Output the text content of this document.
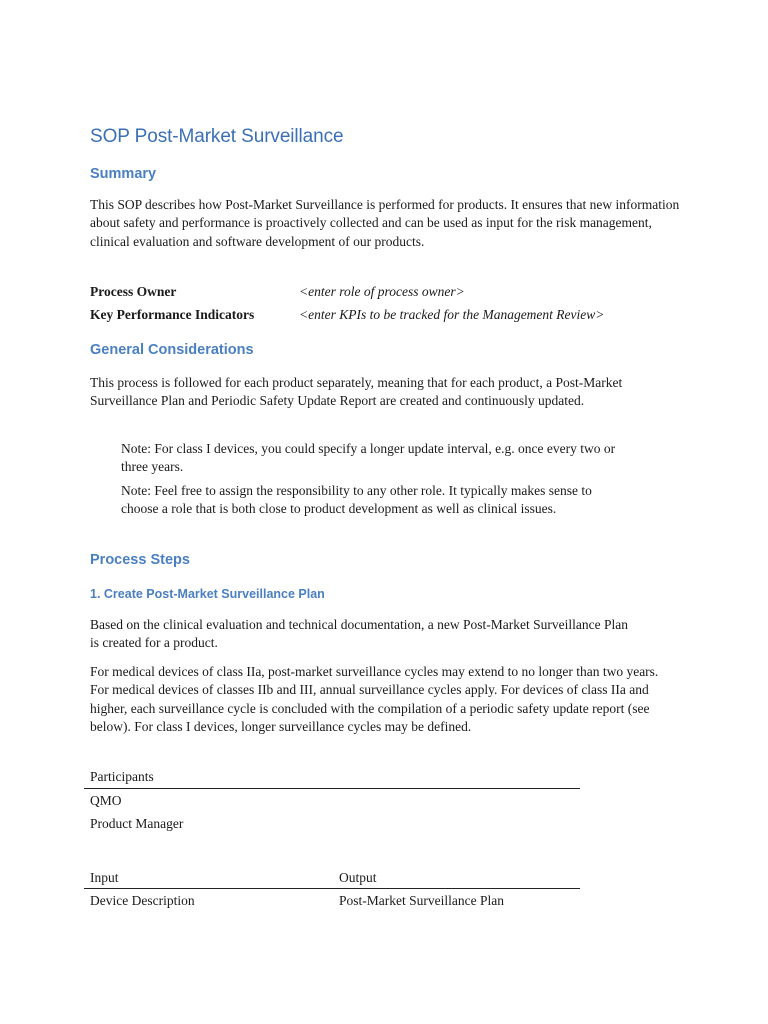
SOP Post-Market Surveillance
Summary

This SOP describes how Post-Market Surveillance is performed for products. It ensures that new information about safety and performance is proactively collected and can be used as input for the risk management, clinical evaluation and software development of our products.

Process Owner	<enter role of process owner>
Key Performance Indicators	<enter KPIs to be tracked for the Management Review>
General Considerations

This process is followed for each product separately, meaning that for each product, a Post-Market Surveillance Plan and Periodic Safety Update Report are created and continuously updated.

Note: For class I devices, you could specify a longer update interval, e.g. once every two or three years.

Note: Feel free to assign the responsibility to any other role. It typically makes sense to choose a role that is both close to product development as well as clinical issues.

Process Steps
1. Create Post-Market Surveillance Plan

Based on the clinical evaluation and technical documentation, a new Post-Market Surveillance Plan is created for a product.

For medical devices of class IIa, post-market surveillance cycles may extend to no longer than two years. For medical devices of classes IIb and III, annual surveillance cycles apply. For devices of class IIa and higher, each surveillance cycle is concluded with the compilation of a periodic safety update report (see below). For class I devices, longer surveillance cycles may be defined.

Participants
QMO
Product Manager
Input	Output
Device Description	Post-Market Surveillance Plan
